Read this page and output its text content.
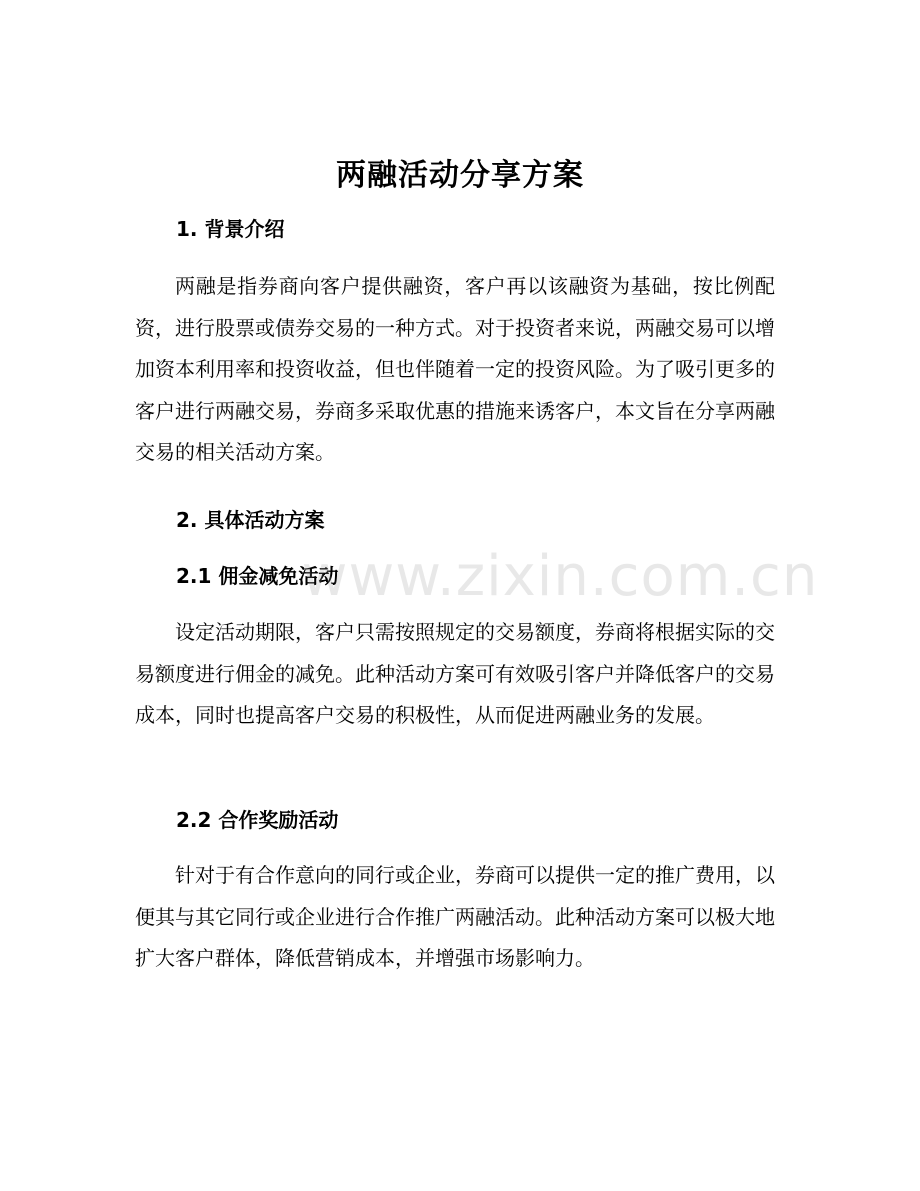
两融活动分享方案
1. 背景介绍

两融是指券商向客户提供融资，客户再以该融资为基础，按比例配资，进行股票或债券交易的一种方式。对于投资者来说，两融交易可以增加资本利用率和投资收益，但也伴随着一定的投资风险。为了吸引更多的客户进行两融交易，券商多采取优惠的措施来诱客户，本文旨在分享两融交易的相关活动方案。

2. 具体活动方案
2.1 佣金减免活动

设定活动期限，客户只需按照规定的交易额度，券商将根据实际的交易额度进行佣金的减免。此种活动方案可有效吸引客户并降低客户的交易成本，同时也提高客户交易的积极性，从而促进两融业务的发展。

2.2 合作奖励活动

针对于有合作意向的同行或企业，券商可以提供一定的推广费用，以便其与其它同行或企业进行合作推广两融活动。此种活动方案可以极大地扩大客户群体，降低营销成本，并增强市场影响力。

www.zixin.com.cn
